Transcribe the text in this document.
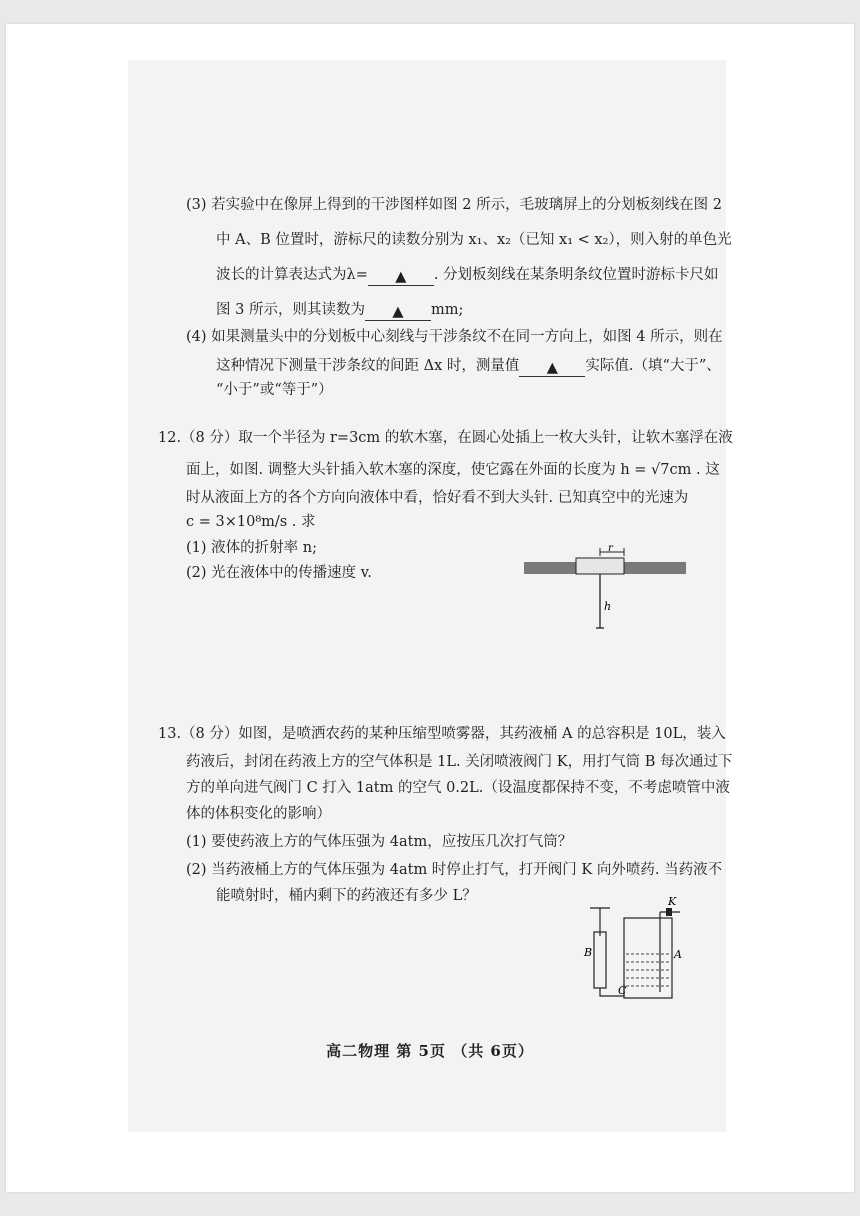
(3) 若实验中在像屏上得到的干涉图样如图 2 所示，毛玻璃屏上的分划板刻线在图 2
中 A、B 位置时，游标尺的读数分别为 x₁、x₂（已知 x₁ < x₂），则入射的单色光
波长的计算表达式为λ= ▲ . 分划板刻线在某条明条纹位置时游标卡尺如
图 3 所示，则其读数为 ▲ mm;
(4) 如果测量头中的分划板中心刻线与干涉条纹不在同一方向上，如图 4 所示，则在
这种情况下测量干涉条纹的间距 Δx 时，测量值 ▲ 实际值.（填“大于”、
“小于”或“等于”）
12.（8 分）取一个半径为 r=3cm 的软木塞，在圆心处插上一枚大头针，让软木塞浮在液
面上，如图. 调整大头针插入软木塞的深度，使它露在外面的长度为 h = √7cm . 这
时从液面上方的各个方向向液体中看，恰好看不到大头针. 已知真空中的光速为
c = 3×10⁸m/s . 求
(1) 液体的折射率 n;
(2) 光在液体中的传播速度 v.
r
h
13.（8 分）如图，是喷洒农药的某种压缩型喷雾器，其药液桶 A 的总容积是 10L，装入
药液后，封闭在药液上方的空气体积是 1L. 关闭喷液阀门 K，用打气筒 B 每次通过下
方的单向进气阀门 C 打入 1atm 的空气 0.2L.（设温度都保持不变，不考虑喷管中液
体的体积变化的影响）
(1) 要使药液上方的气体压强为 4atm，应按压几次打气筒？
(2) 当药液桶上方的气体压强为 4atm 时停止打气，打开阀门 K 向外喷药. 当药液不
能喷射时，桶内剩下的药液还有多少 L？
B
C
A
K
高二物理 第 5页 （共 6页）
